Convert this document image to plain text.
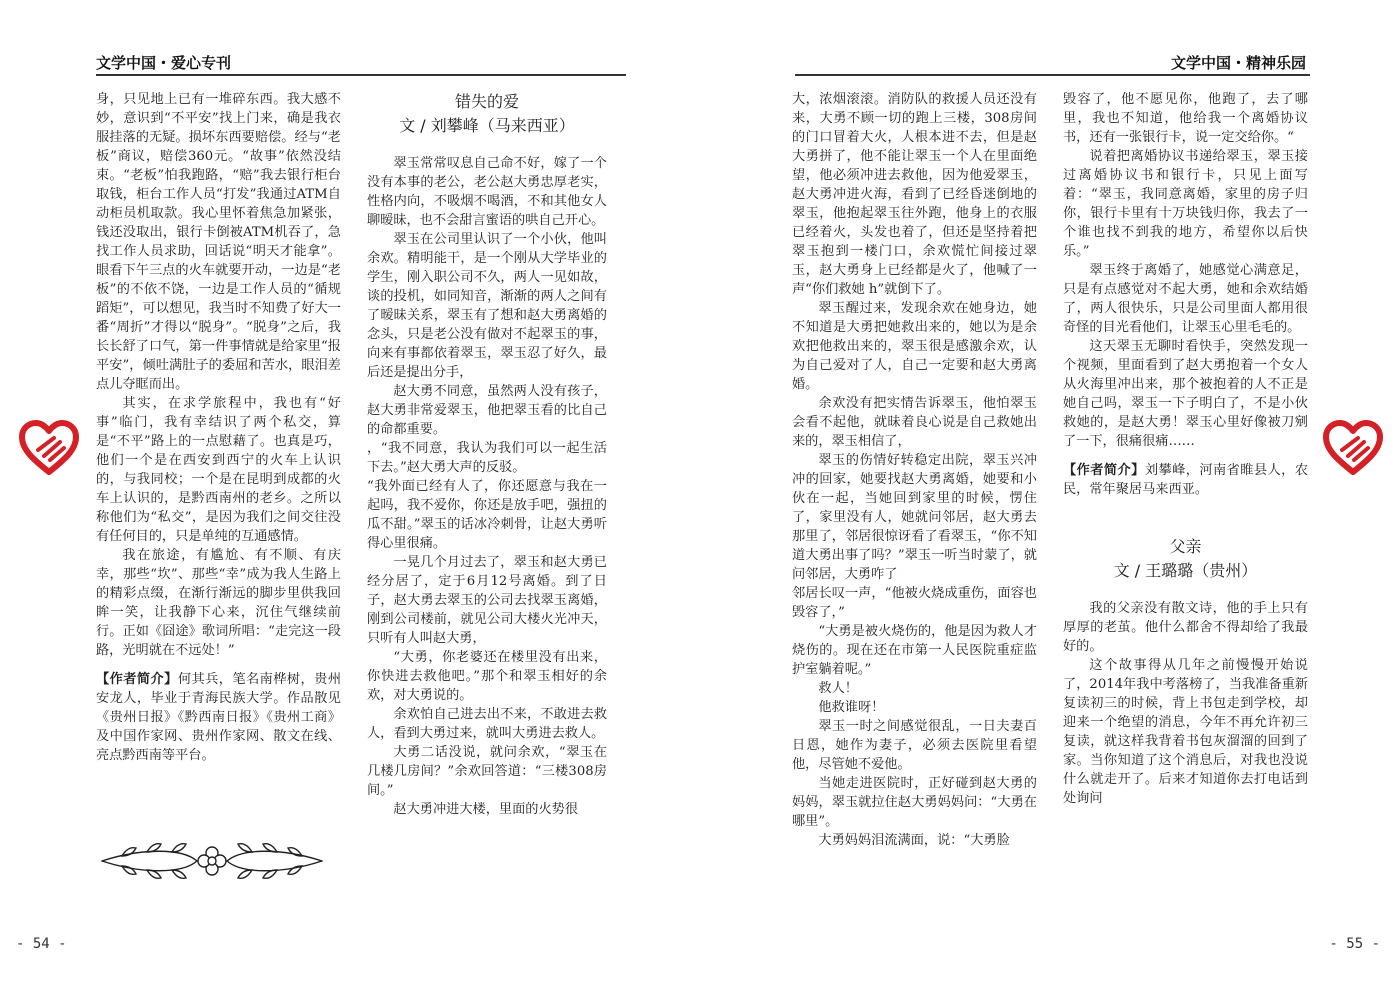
文学中国・爱心专刊	文学中国・精神乐园

身，只见地上已有一堆碎东西。我大感不妙，意识到“不平安”找上门来，确是我衣服挂落的无疑。损坏东西要赔偿。经与“老板”商议，赔偿360元。“故事”依然没结束。“老板”怕我跑路，“赔”我去银行柜台取钱，柜台工作人员“打发”我通过ATM自动柜员机取款。我心里怀着焦急加紧张，钱还没取出，银行卡倒被ATM机吞了，急找工作人员求助，回话说“明天才能拿”。眼看下午三点的火车就要开动，一边是“老板”的不依不饶，一边是工作人员的“循规蹈矩”，可以想见，我当时不知费了好大一番“周折”才得以“脱身”。“脱身”之后，我长长舒了口气，第一件事情就是给家里“报平安”，倾吐满肚子的委屈和苦水，眼泪差点儿夺眶而出。

其实，在求学旅程中，我也有“好事”临门，我有幸结识了两个私交，算是“不平”路上的一点慰藉了。也真是巧，他们一个是在西安到西宁的火车上认识的，与我同校；一个是在昆明到成都的火车上认识的，是黔西南州的老乡。之所以称他们为“私交”，是因为我们之间交往没有任何目的，只是单纯的互通感情。

我在旅途，有尴尬、有不顺、有庆幸，那些“坎”、那些“幸”成为我人生路上的精彩点缀，在渐行渐远的脚步里供我回眸一笑，让我静下心来，沉住气继续前行。正如《囧途》歌词所唱：“走完这一段路，光明就在不远处！”

【作者简介】何其兵，笔名南桦树，贵州安龙人，毕业于青海民族大学。作品散见《贵州日报》《黔西南日报》《贵州工商》及中国作家网、贵州作家网、散文在线、亮点黔西南等平台。

错失的爱
文 / 刘攀峰（马来西亚）

翠玉常常叹息自己命不好，嫁了一个没有本事的老公，老公赵大勇忠厚老实，性格内向，不吸烟不喝酒，不和其他女人聊暧昧，也不会甜言蜜语的哄自己开心。

翠玉在公司里认识了一个小伙，他叫余欢。精明能干，是一个刚从大学毕业的学生，刚入职公司不久，两人一见如故，谈的投机，如同知音，渐渐的两人之间有了暧昧关系，翠玉有了想和赵大勇离婚的念头，只是老公没有做对不起翠玉的事，向来有事都依着翠玉，翠玉忍了好久，最后还是提出分手，

赵大勇不同意，虽然两人没有孩子，赵大勇非常爱翠玉，他把翠玉看的比自己的命都重要。

，“我不同意，我认为我们可以一起生活下去。”赵大勇大声的反驳。

“我外面已经有人了，你还愿意与我在一起吗，我不爱你，你还是放手吧，强扭的瓜不甜。”翠玉的话冰冷刺骨，让赵大勇听得心里很痛。

一晃几个月过去了，翠玉和赵大勇已经分居了，定于6月12号离婚。到了日子，赵大勇去翠玉的公司去找翠玉离婚，刚到公司楼前，就见公司大楼火光冲天，只听有人叫赵大勇，

“大勇，你老婆还在楼里没有出来，你快进去救他吧。”那个和翠玉相好的余欢，对大勇说的。

余欢怕自己进去出不来，不敢进去救人，看到大勇过来，就叫大勇进去救人。

大勇二话没说，就问余欢，“翠玉在几楼几房间？”余欢回答道：“三楼308房间。”

赵大勇冲进大楼，里面的火势很

大，浓烟滚滚。消防队的救援人员还没有来，大勇不顾一切的跑上三楼，308房间的门口冒着大火，人根本进不去，但是赵大勇拼了，他不能让翠玉一个人在里面绝望，他必须冲进去救他，因为他爱翠玉，赵大勇冲进火海，看到了已经昏迷倒地的翠玉，他抱起翠玉往外跑，他身上的衣服已经着火，头发也着了，但还是坚持着把翠玉抱到一楼门口，余欢慌忙间接过翠玉，赵大勇身上已经都是火了，他喊了一声“你们救她 h”就倒下了。

翠玉醒过来，发现余欢在她身边，她不知道是大勇把她救出来的，她以为是余欢把他救出来的，翠玉很是感激余欢，认为自己爱对了人，自己一定要和赵大勇离婚。

余欢没有把实情告诉翠玉，他怕翠玉会看不起他，就昧着良心说是自己救她出来的，翠玉相信了，

翠玉的伤情好转稳定出院，翠玉兴冲冲的回家，她要找赵大勇离婚，她要和小伙在一起，当她回到家里的时候，愣住了，家里没有人，她就问邻居，赵大勇去那里了，邻居很惊讶看了看翠玉，“你不知道大勇出事了吗？”翠玉一听当时蒙了，就问邻居，大勇咋了

邻居长叹一声，“他被火烧成重伤，面容也毁容了，”

“大勇是被火烧伤的，他是因为救人才烧伤的。现在还在市第一人民医院重症监护室躺着呢。”

救人！

他救谁呀！

翠玉一时之间感觉很乱，一日夫妻百日恩，她作为妻子，必须去医院里看望他，尽管她不爱他。

当她走进医院时，正好碰到赵大勇的妈妈，翠玉就拉住赵大勇妈妈问：“大勇在哪里”。

大勇妈妈泪流满面，说：“大勇脸

毁容了，他不愿见你，他跑了，去了哪里，我也不知道，他给我一个离婚协议书，还有一张银行卡，说一定交给你。“

说着把离婚协议书递给翠玉，翠玉接过离婚协议书和银行卡，只见上面写着：“翠玉，我同意离婚，家里的房子归你，银行卡里有十万块钱归你，我去了一个谁也找不到我的地方，希望你以后快乐。”

翠玉终于离婚了，她感觉心满意足，只是有点感觉对不起大勇，她和余欢结婚了，两人很快乐，只是公司里面人都用很奇怪的目光看他们，让翠玉心里毛毛的。

这天翠玉无聊时看快手，突然发现一个视频，里面看到了赵大勇抱着一个女人从火海里冲出来，那个被抱着的人不正是她自己吗，翠玉一下子明白了，不是小伙救她的，是赵大勇！翠玉心里好像被刀剜了一下，很痛很痛……

【作者简介】刘攀峰，河南省睢县人，农民，常年聚居马来西亚。

父亲
文 / 王璐璐（贵州）

我的父亲没有散文诗，他的手上只有厚厚的老茧。他什么都舍不得却给了我最好的。

这个故事得从几年之前慢慢开始说了，2014年我中考落榜了，当我准备重新复读初三的时候，背上书包走到学校，却迎来一个绝望的消息，今年不再允许初三复读，就这样我背着书包灰溜溜的回到了家。当你知道了这个消息后，对我也没说什么就走开了。后来才知道你去打电话到处询问

- 54 -	- 55 -
